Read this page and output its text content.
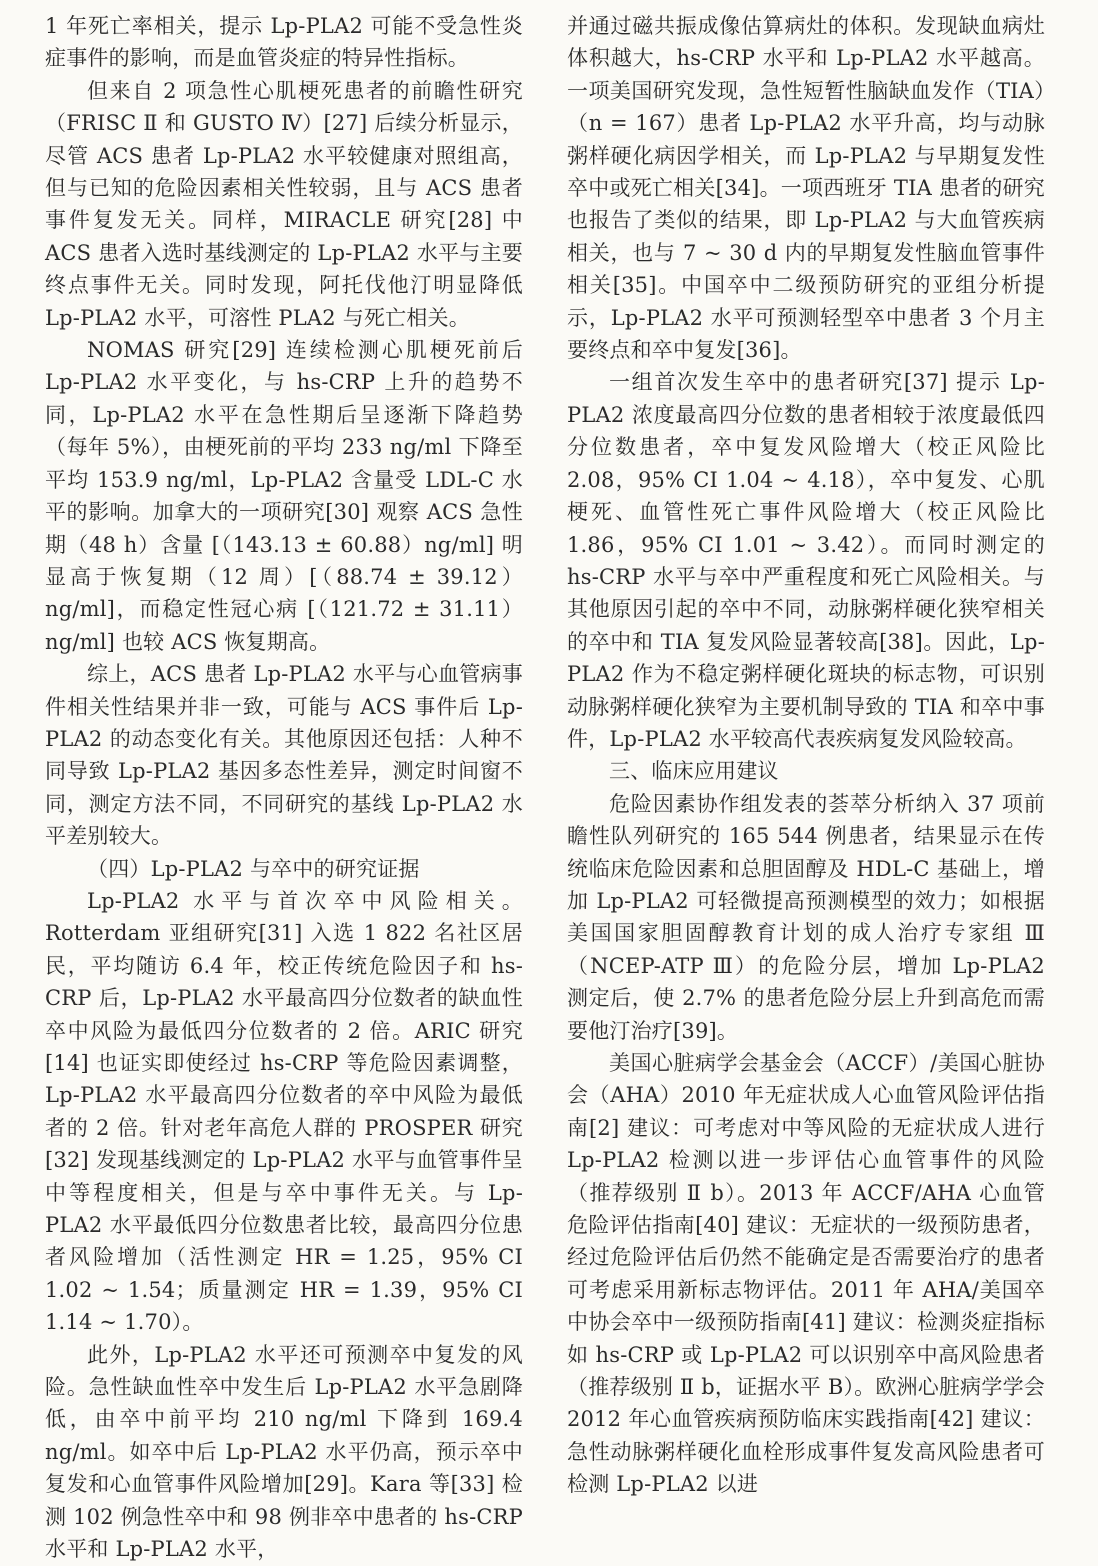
1 年死亡率相关，提示 Lp-PLA2 可能不受急性炎症事件的影响，而是血管炎症的特异性指标。

但来自 2 项急性心肌梗死患者的前瞻性研究（FRISC Ⅱ 和 GUSTO Ⅳ）[27] 后续分析显示，尽管 ACS 患者 Lp-PLA2 水平较健康对照组高，但与已知的危险因素相关性较弱，且与 ACS 患者事件复发无关。同样，MIRACLE 研究[28] 中 ACS 患者入选时基线测定的 Lp-PLA2 水平与主要终点事件无关。同时发现，阿托伐他汀明显降低 Lp-PLA2 水平，可溶性 PLA2 与死亡相关。

NOMAS 研究[29] 连续检测心肌梗死前后 Lp-PLA2 水平变化，与 hs-CRP 上升的趋势不同，Lp-PLA2 水平在急性期后呈逐渐下降趋势（每年 5%），由梗死前的平均 233 ng/ml 下降至平均 153.9 ng/ml，Lp-PLA2 含量受 LDL-C 水平的影响。加拿大的一项研究[30] 观察 ACS 急性期（48 h）含量 [（143.13 ± 60.88）ng/ml] 明显高于恢复期（12 周）[（88.74 ± 39.12）ng/ml]，而稳定性冠心病 [（121.72 ± 31.11）ng/ml] 也较 ACS 恢复期高。

综上，ACS 患者 Lp-PLA2 水平与心血管病事件相关性结果并非一致，可能与 ACS 事件后 Lp-PLA2 的动态变化有关。其他原因还包括：人种不同导致 Lp-PLA2 基因多态性差异，测定时间窗不同，测定方法不同，不同研究的基线 Lp-PLA2 水平差别较大。

（四）Lp-PLA2 与卒中的研究证据

Lp-PLA2 水平与首次卒中风险相关。Rotterdam 亚组研究[31] 入选 1 822 名社区居民，平均随访 6.4 年，校正传统危险因子和 hs-CRP 后，Lp-PLA2 水平最高四分位数者的缺血性卒中风险为最低四分位数者的 2 倍。ARIC 研究[14] 也证实即使经过 hs-CRP 等危险因素调整，Lp-PLA2 水平最高四分位数者的卒中风险为最低者的 2 倍。针对老年高危人群的 PROSPER 研究[32] 发现基线测定的 Lp-PLA2 水平与血管事件呈中等程度相关，但是与卒中事件无关。与 Lp-PLA2 水平最低四分位数患者比较，最高四分位患者风险增加（活性测定 HR = 1.25，95% CI 1.02 ~ 1.54；质量测定 HR = 1.39，95% CI 1.14 ~ 1.70）。

此外，Lp-PLA2 水平还可预测卒中复发的风险。急性缺血性卒中发生后 Lp-PLA2 水平急剧降低，由卒中前平均 210 ng/ml 下降到 169.4 ng/ml。如卒中后 Lp-PLA2 水平仍高，预示卒中复发和心血管事件风险增加[29]。Kara 等[33] 检测 102 例急性卒中和 98 例非卒中患者的 hs-CRP 水平和 Lp-PLA2 水平，

并通过磁共振成像估算病灶的体积。发现缺血病灶体积越大，hs-CRP 水平和 Lp-PLA2 水平越高。一项美国研究发现，急性短暂性脑缺血发作（TIA）（n = 167）患者 Lp-PLA2 水平升高，均与动脉粥样硬化病因学相关，而 Lp-PLA2 与早期复发性卒中或死亡相关[34]。一项西班牙 TIA 患者的研究也报告了类似的结果，即 Lp-PLA2 与大血管疾病相关，也与 7 ~ 30 d 内的早期复发性脑血管事件相关[35]。中国卒中二级预防研究的亚组分析提示，Lp-PLA2 水平可预测轻型卒中患者 3 个月主要终点和卒中复发[36]。

一组首次发生卒中的患者研究[37] 提示 Lp-PLA2 浓度最高四分位数的患者相较于浓度最低四分位数患者，卒中复发风险增大（校正风险比 2.08，95% CI 1.04 ~ 4.18），卒中复发、心肌梗死、血管性死亡事件风险增大（校正风险比 1.86，95% CI 1.01 ~ 3.42）。而同时测定的 hs-CRP 水平与卒中严重程度和死亡风险相关。与其他原因引起的卒中不同，动脉粥样硬化狭窄相关的卒中和 TIA 复发风险显著较高[38]。因此，Lp-PLA2 作为不稳定粥样硬化斑块的标志物，可识别动脉粥样硬化狭窄为主要机制导致的 TIA 和卒中事件，Lp-PLA2 水平较高代表疾病复发风险较高。

三、临床应用建议

危险因素协作组发表的荟萃分析纳入 37 项前瞻性队列研究的 165 544 例患者，结果显示在传统临床危险因素和总胆固醇及 HDL-C 基础上，增加 Lp-PLA2 可轻微提高预测模型的效力；如根据美国国家胆固醇教育计划的成人治疗专家组 Ⅲ（NCEP-ATP Ⅲ）的危险分层，增加 Lp-PLA2 测定后，使 2.7% 的患者危险分层上升到高危而需要他汀治疗[39]。

美国心脏病学会基金会（ACCF）/美国心脏协会（AHA）2010 年无症状成人心血管风险评估指南[2] 建议：可考虑对中等风险的无症状成人进行 Lp-PLA2 检测以进一步评估心血管事件的风险（推荐级别 Ⅱ b）。2013 年 ACCF/AHA 心血管危险评估指南[40] 建议：无症状的一级预防患者，经过危险评估后仍然不能确定是否需要治疗的患者可考虑采用新标志物评估。2011 年 AHA/美国卒中协会卒中一级预防指南[41] 建议：检测炎症指标如 hs-CRP 或 Lp-PLA2 可以识别卒中高风险患者（推荐级别 Ⅱ b，证据水平 B）。欧洲心脏病学学会 2012 年心血管疾病预防临床实践指南[42] 建议：急性动脉粥样硬化血栓形成事件复发高风险患者可检测 Lp-PLA2 以进
